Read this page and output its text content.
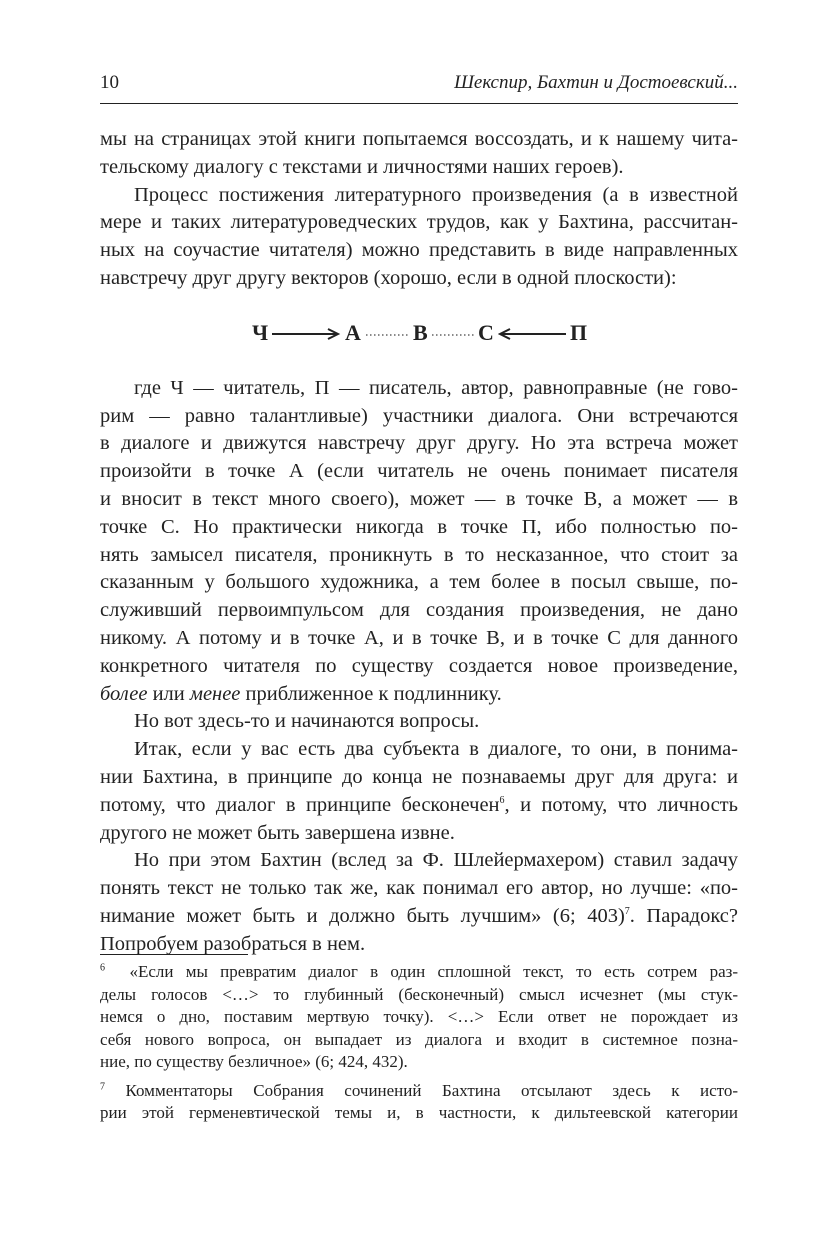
10	Шекспир, Бахтин и Достоевский...
мы на страницах этой книги попытаемся воссоздать, и к нашему чита-
тельскому диалогу с текстами и личностями наших героев).
Процесс постижения литературного произведения (а в известной
мере и таких литературоведческих трудов, как у Бахтина, рассчитан-
ных на соучастие читателя) можно представить в виде направленных
навстречу друг другу векторов (хорошо, если в одной плоскости):
Ч	А В С	П
где Ч — читатель, П — писатель, автор, равноправные (не гово-
рим — равно талантливые) участники диалога. Они встречаются
в диалоге и движутся навстречу друг другу. Но эта встреча может
произойти в точке А (если читатель не очень понимает писателя
и вносит в текст много своего), может — в точке В, а может — в
точке С. Но практически никогда в точке П, ибо полностью по-
нять замысел писателя, проникнуть в то несказанное, что стоит за
сказанным у большого художника, а тем более в посыл свыше, по-
служивший первоимпульсом для создания произведения, не дано
никому. А потому и в точке А, и в точке В, и в точке С для данного
конкретного читателя по существу создается новое произведение,
более или менее приближенное к подлиннику.
Но вот здесь-то и начинаются вопросы.
Итак, если у вас есть два субъекта в диалоге, то они, в понима-
нии Бахтина, в принципе до конца не познаваемы друг для друга: и
потому, что диалог в принципе бесконечен$^6$, и потому, что личность
другого не может быть завершена извне.
Но при этом Бахтин (вслед за Ф. Шлейермахером) ставил задачу
понять текст не только так же, как понимал его автор, но лучше: «по-
нимание может быть и должно быть лучшим» (6; 403)$^7$. Парадокс?
Попробуем разобраться в нем.
$^6$ «Если мы превратим диалог в один сплошной текст, то есть сотрем раз-
делы голосов <…> то глубинный (бесконечный) смысл исчезнет (мы стук-
немся о дно, поставим мертвую точку). <…> Если ответ не порождает из
себя нового вопроса, он выпадает из диалога и входит в системное позна-
ние, по существу безличное» (6; 424, 432).
$^7$ Комментаторы Собрания сочинений Бахтина отсылают здесь к исто-
рии этой герменевтической темы и, в частности, к дильтеевской категории
